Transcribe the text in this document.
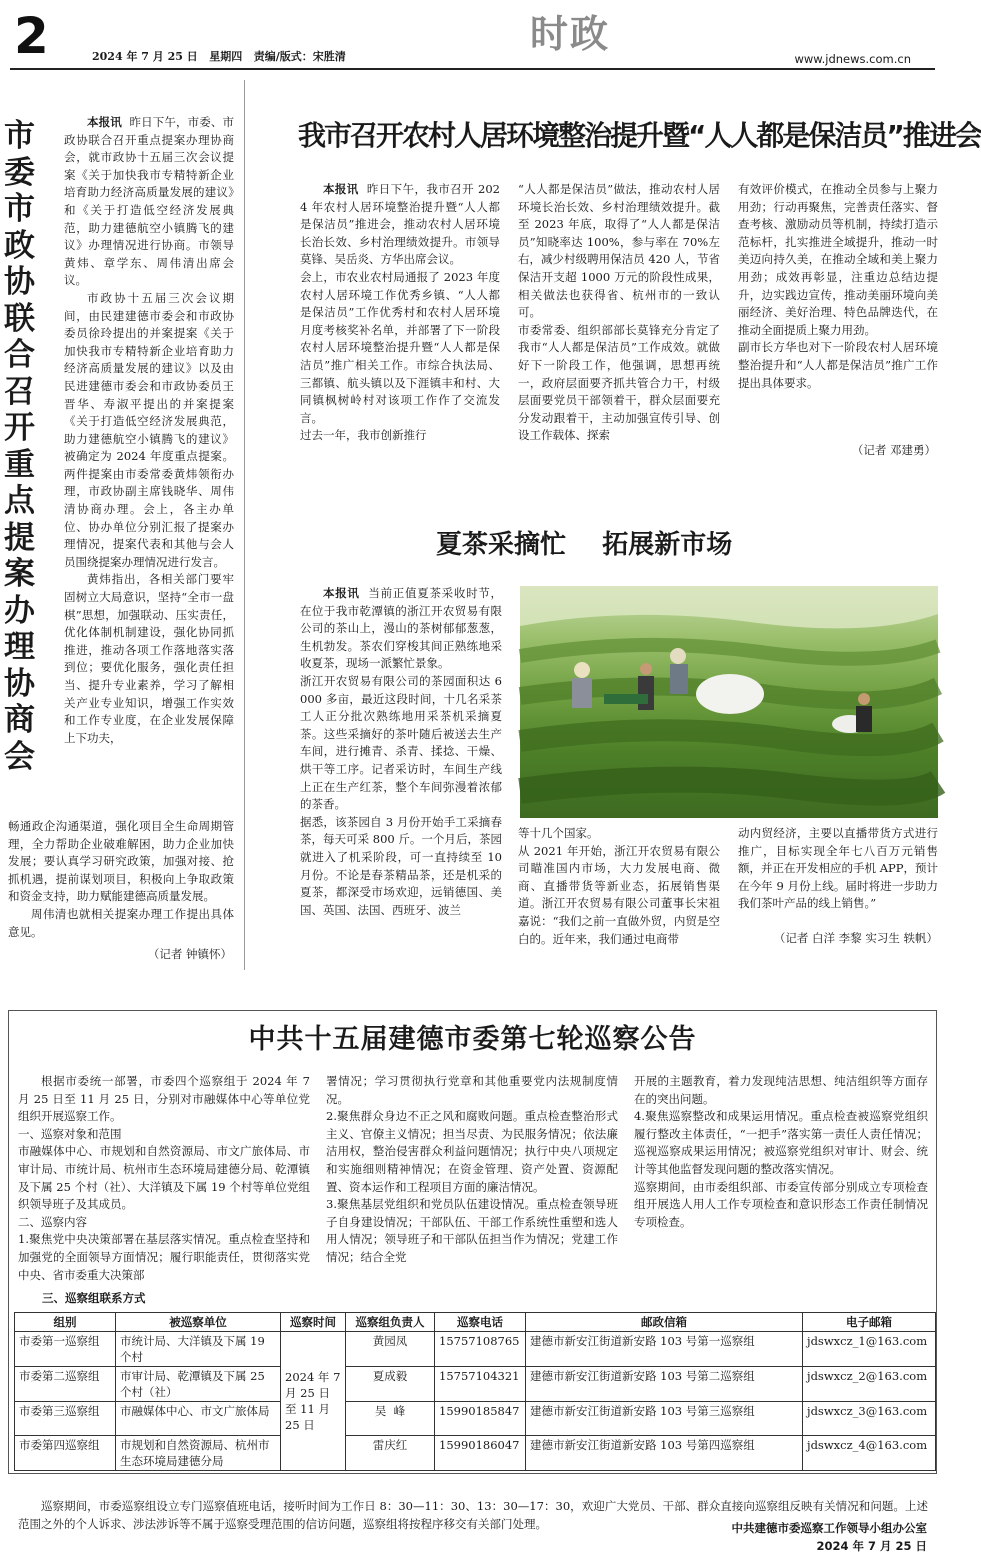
2	2024 年 7 月 25 日   星期四   责编/版式：宋胜清
时政
www.jdnews.com.cn
市委市政协联合召开重点提案办理协商会

本报讯  昨日下午，市委、市政协联合召开重点提案办理协商会，就市政协十五届三次会议提案《关于加快我市专精特新企业培育助力经济高质量发展的建议》和《关于打造低空经济发展典范，助力建德航空小镇腾飞的建议》办理情况进行协商。市领导黄炜、章学东、周伟清出席会议。

市政协十五届三次会议期间，由民建建德市委会和市政协委员徐玲提出的并案提案《关于加快我市专精特新企业培育助力经济高质量发展的建议》以及由民进建德市委会和市政协委员王晋华、寿淑平提出的并案提案《关于打造低空经济发展典范，助力建德航空小镇腾飞的建议》被确定为 2024 年度重点提案。两件提案由市委常委黄炜领衔办理，市政协副主席钱晓华、周伟清协商办理。会上，各主办单位、协办单位分别汇报了提案办理情况，提案代表和其他与会人员围绕提案办理情况进行发言。

黄炜指出，各相关部门要牢固树立大局意识，坚持“全市一盘棋”思想，加强联动、压实责任，优化体制机制建设，强化协同抓推进，推动各项工作落地落实落到位；要优化服务，强化责任担当、提升专业素养，学习了解相关产业专业知识，增强工作实效和工作专业度，在企业发展保障上下功夫，

畅通政企沟通渠道，强化项目全生命周期管理，全力帮助企业破难解困，助力企业加快发展；要认真学习研究政策，加强对接、抢抓机遇，提前谋划项目，积极向上争取政策和资金支持，助力赋能建德高质量发展。

周伟清也就相关提案办理工作提出具体意见。

（记者 钟镇怀）
我市召开农村人居环境整治提升暨“人人都是保洁员”推进会

本报讯  昨日下午，我市召开 2024 年农村人居环境整治提升暨“人人都是保洁员”推进会，推动农村人居环境长治长效、乡村治理绩效提升。市领导莫锋、吴岳炎、方华出席会议。
会上，市农业农村局通报了 2023 年度农村人居环境工作优秀乡镇、“人人都是保洁员”工作优秀村和农村人居环境月度考核奖补名单，并部署了下一阶段农村人居环境整治提升暨“人人都是保洁员”推广相关工作。市综合执法局、三都镇、航头镇以及下涯镇丰和村、大同镇枫树岭村对该项工作作了交流发言。
过去一年，我市创新推行

“人人都是保洁员”做法，推动农村人居环境长治长效、乡村治理绩效提升。截至 2023 年底，取得了“人人都是保洁员”知晓率达 100%，参与率在 70%左右，减少村级聘用保洁员 420 人，节省保洁开支超 1000 万元的阶段性成果，相关做法也获得省、杭州市的一致认可。
市委常委、组织部部长莫锋充分肯定了我市“人人都是保洁员”工作成效。就做好下一阶段工作，他强调，思想再统一，政府层面要齐抓共管合力干，村级层面要党员干部领着干，群众层面要充分发动跟着干，主动加强宣传引导、创设工作载体、探索

有效评价模式，在推动全员参与上聚力用劲；行动再聚焦，完善责任落实、督查考核、激励动员等机制，持续打造示范标杆，扎实推进全域提升，推动一时美迈向持久美，在推动全域和美上聚力用劲；成效再彰显，注重边总结边提升，边实践边宣传，推动美丽环境向美丽经济、美好治理、特色品牌迭代，在推动全面提质上聚力用劲。
副市长方华也对下一阶段农村人居环境整治提升和“人人都是保洁员”推广工作提出具体要求。

（记者 邓建勇）
夏茶采摘忙    拓展新市场

本报讯  当前正值夏茶采收时节，在位于我市乾潭镇的浙江开农贸易有限公司的茶山上，漫山的茶树郁郁葱葱，生机勃发。茶农们穿梭其间正熟练地采收夏茶，现场一派繁忙景象。
浙江开农贸易有限公司的茶园面积达 6000 多亩，最近这段时间，十几名采茶工人正分批次熟练地用采茶机采摘夏茶。这些采摘好的茶叶随后被送去生产车间，进行摊青、杀青、揉捻、干燥、烘干等工序。记者采访时，车间生产线上正在生产红茶，整个车间弥漫着浓郁的茶香。
据悉，该茶园自 3 月份开始手工采摘春茶，每天可采 800 斤。一个月后，茶园就进入了机采阶段，可一直持续至 10 月份。不论是春茶精品茶，还是机采的夏茶，都深受市场欢迎，远销德国、美国、英国、法国、西班牙、波兰

等十几个国家。
从 2021 年开始，浙江开农贸易有限公司瞄准国内市场，大力发展电商、微商、直播带货等新业态，拓展销售渠道。浙江开农贸易有限公司董事长宋祖嘉说：“我们之前一直做外贸，内贸是空白的。近年来，我们通过电商带

动内贸经济，主要以直播带货方式进行推广，目标实现全年七八百万元销售额，并正在开发相应的手机 APP，预计在今年 9 月份上线。届时将进一步助力我们茶叶产品的线上销售。”

（记者 白洋 李黎 实习生 轶帆）
中共十五届建德市委第七轮巡察公告

根据市委统一部署，市委四个巡察组于 2024 年 7 月 25 日至 11 月 25 日，分别对市融媒体中心等单位党组织开展巡察工作。
一、巡察对象和范围
市融媒体中心、市规划和自然资源局、市文广旅体局、市审计局、市统计局、杭州市生态环境局建德分局、乾潭镇及下属 25 个村（社）、大洋镇及下属 19 个村等单位党组织领导班子及其成员。
二、巡察内容
1.聚焦党中央决策部署在基层落实情况。重点检查坚持和加强党的全面领导方面情况；履行职能责任，贯彻落实党中央、省市委重大决策部

署情况；学习贯彻执行党章和其他重要党内法规制度情况。
2.聚焦群众身边不正之风和腐败问题。重点检查整治形式主义、官僚主义情况；担当尽责、为民服务情况；依法廉洁用权，整治侵害群众利益问题情况；执行中央八项规定和实施细则精神情况；在资金管理、资产处置、资源配置、资本运作和工程项目方面的廉洁情况。
3.聚焦基层党组织和党员队伍建设情况。重点检查领导班子自身建设情况；干部队伍、干部工作系统性重塑和选人用人情况；领导班子和干部队伍担当作为情况；党建工作情况；结合全党

开展的主题教育，着力发现纯洁思想、纯洁组织等方面存在的突出问题。
4.聚焦巡察整改和成果运用情况。重点检查被巡察党组织履行整改主体责任，“一把手”落实第一责任人责任情况；巡视巡察成果运用情况；被巡察党组织对审计、财会、统计等其他监督发现问题的整改落实情况。
巡察期间，由市委组织部、市委宣传部分别成立专项检查组开展选人用人工作专项检查和意识形态工作责任制情况专项检查。

三、巡察组联系方式
组别	被巡察单位	巡察时间	巡察组负责人	巡察电话	邮政信箱	电子邮箱
市委第一巡察组	市统计局、大洋镇及下属 19 个村	2024 年 7 月 25 日至 11 月 25 日	黄园凤	15757108765	建德市新安江街道新安路 103 号第一巡察组	jdswxcz_1@163.com
市委第二巡察组	市审计局、乾潭镇及下属 25 个村（社）		夏成毅	15757104321	建德市新安江街道新安路 103 号第二巡察组	jdswxcz_2@163.com
市委第三巡察组	市融媒体中心、市文广旅体局		吴  峰	15990185847	建德市新安江街道新安路 103 号第三巡察组	jdswxcz_3@163.com
市委第四巡察组	市规划和自然资源局、杭州市生态环境局建德分局		雷庆红	15990186047	建德市新安江街道新安路 103 号第四巡察组	jdswxcz_4@163.com

巡察期间，市委巡察组设立专门巡察值班电话，接听时间为工作日 8：30—11：30、13：30—17：30，欢迎广大党员、干部、群众直接向巡察组反映有关情况和问题。上述范围之外的个人诉求、涉法涉诉等不属于巡察受理范围的信访问题，巡察组将按程序移交有关部门处理。	中共建德市委巡察工作领导小组办公室
2024 年 7 月 25 日
